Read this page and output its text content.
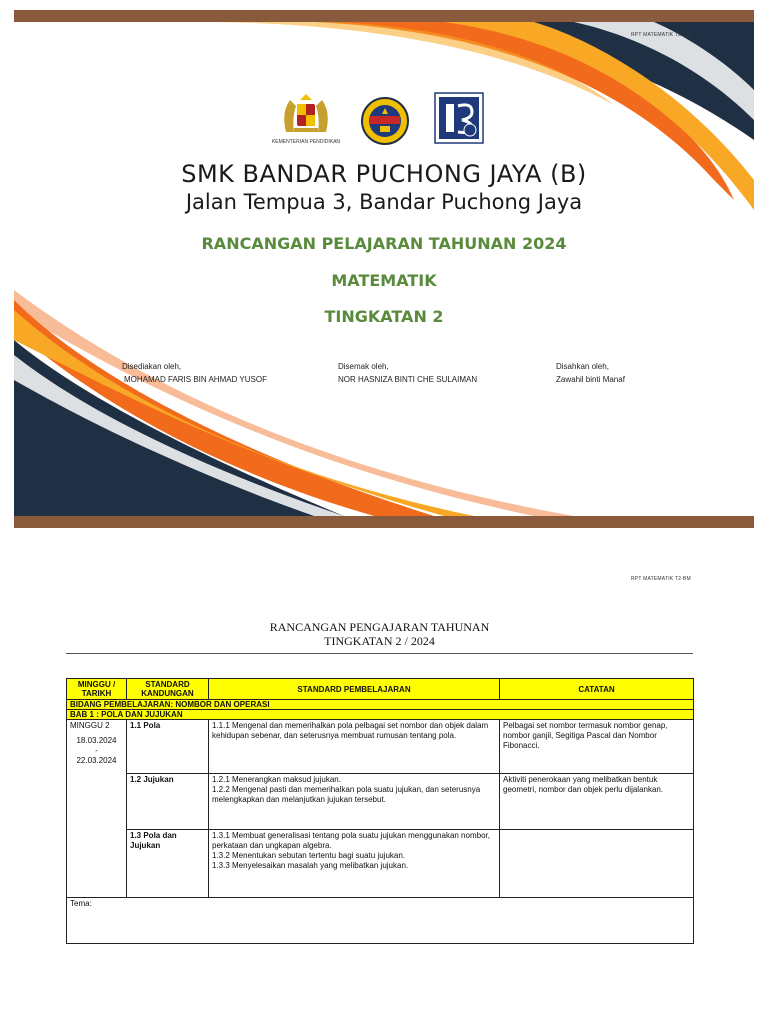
RPT MATEMATIK T2-BM
KEMENTERIAN PENDIDIKAN
SMK BANDAR PUCHONG JAYA (B)
Jalan Tempua 3, Bandar Puchong Jaya
RANCANGAN PELAJARAN TAHUNAN 2024
MATEMATIK
TINGKATAN 2
Disediakan oleh,
MOHAMAD FARIS BIN AHMAD YUSOF
Disemak oleh,
NOR HASNIZA BINTI CHE SULAIMAN
Disahkan oleh,
Zawahil binti Manaf
RPT MATEMATIK T2-BM
RANCANGAN PENGAJARAN TAHUNAN
TINGKATAN 2 / 2024
MINGGU / TARIKH	STANDARD KANDUNGAN	STANDARD PEMBELAJARAN	CATATAN
BIDANG PEMBELAJARAN: NOMBOR DAN OPERASI			
BAB 1 : POLA DAN JUJUKAN			

MINGGU 2
18.03.2024
-
22.03.2024	1.1 Pola	1.1.1 Mengenal dan memerihalkan pola pelbagai set nombor dan objek dalam kehidupan sebenar, dan seterusnya membuat rumusan tentang pola.	Pelbagai set nombor termasuk nombor genap, nombor ganjil, Segitiga Pascal dan Nombor Fibonacci.
	1.2 Jujukan	1.2.1 Menerangkan maksud jujukan.
1.2.2 Mengenal pasti dan memerihalkan pola suatu jujukan, dan seterusnya melengkapkan dan melanjutkan jujukan tersebut.	Aktiviti penerokaan yang melibatkan bentuk geometri, nombor dan objek perlu dijalankan.
	1.3 Pola dan Jujukan	1.3.1 Membuat generalisasi tentang pola suatu jujukan menggunakan nombor, perkataan dan ungkapan algebra.
1.3.2 Menentukan sebutan tertentu bagi suatu jujukan.
1.3.3 Menyelesaikan masalah yang melibatkan jujukan.	

Tema:			
